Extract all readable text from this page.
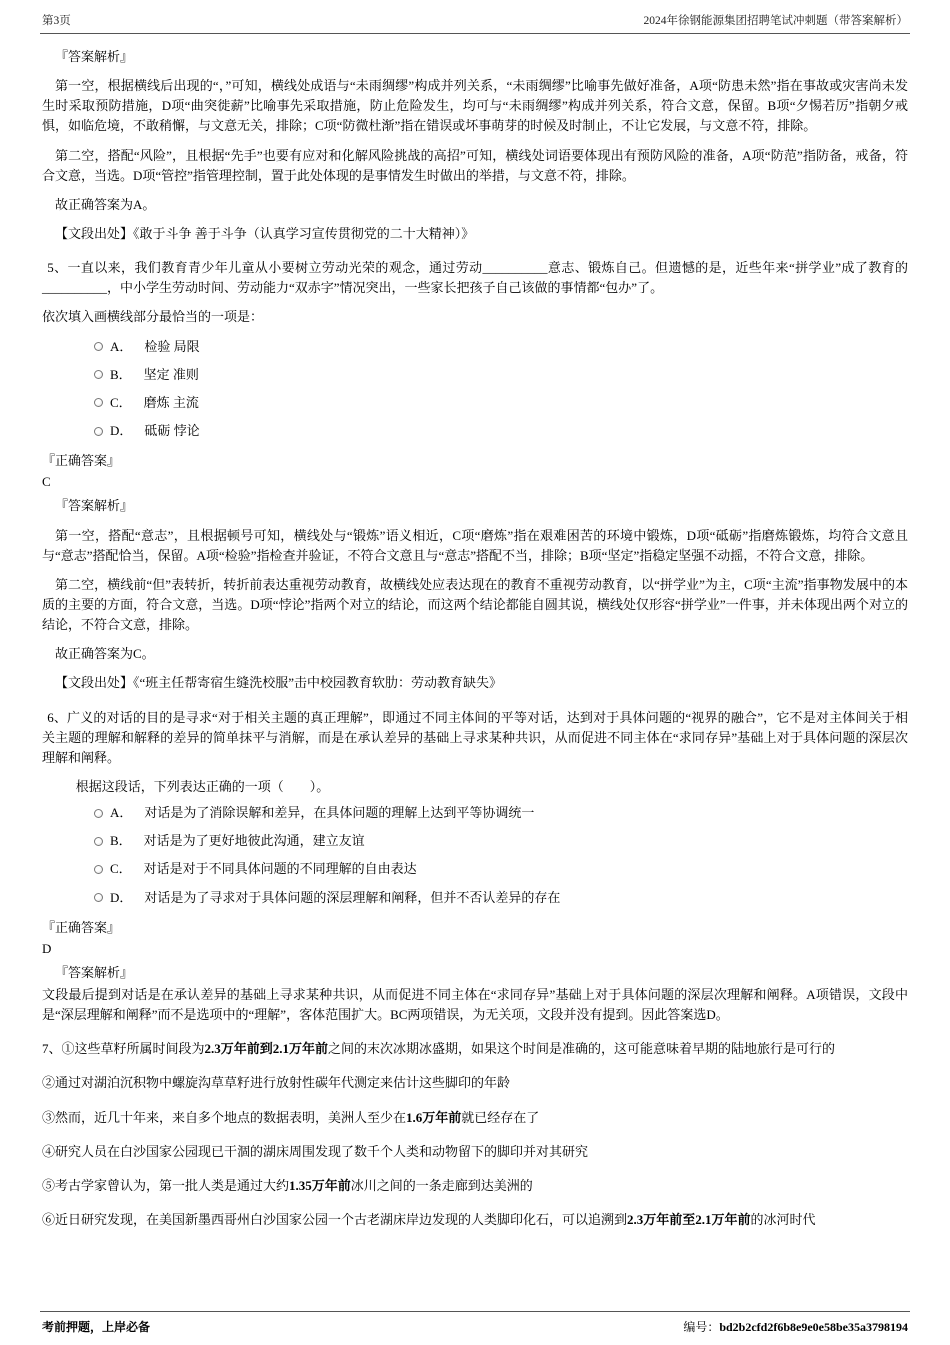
第3页	2024年徐钢能源集团招聘笔试冲刺题（带答案解析）

『答案解析』

第一空，根据横线后出现的“，”可知，横线处成语与“未雨绸缪”构成并列关系，“未雨绸缪”比喻事先做好准备，A项“防患未然”指在事故或灾害尚未发生时采取预防措施，D项“曲突徙薪”比喻事先采取措施，防止危险发生，均可与“未雨绸缪”构成并列关系，符合文意，保留。B项“夕惕若厉”指朝夕戒惧，如临危境，不敢稍懈，与文意无关，排除；C项“防微杜渐”指在错误或坏事萌芽的时候及时制止，不让它发展，与文意不符，排除。

第二空，搭配“风险”，且根据“先手”也要有应对和化解风险挑战的高招”可知，横线处词语要体现出有预防风险的准备，A项“防范”指防备，戒备，符合文意，当选。D项“管控”指管理控制，置于此处体现的是事情发生时做出的举措，与文意不符，排除。

故正确答案为A。

【文段出处】《敢于斗争 善于斗争（认真学习宣传贯彻党的二十大精神）》

5、一直以来，我们教育青少年儿童从小要树立劳动光荣的观念，通过劳动__________意志、锻炼自己。但遗憾的是，近些年来“拼学业”成了教育的__________，中小学生劳动时间、劳动能力“双赤字”情况突出，一些家长把孩子自己该做的事情都“包办”了。

依次填入画横线部分最恰当的一项是：

A． 检验 局限
B． 坚定 准则
C． 磨炼 主流
D． 砥砺 悖论

『正确答案』

C

『答案解析』

第一空，搭配“意志”，且根据顿号可知，横线处与“锻炼”语义相近，C项“磨炼”指在艰难困苦的环境中锻炼，D项“砥砺”指磨炼锻炼，均符合文意且与“意志”搭配恰当，保留。A项“检验”指检查并验证，不符合文意且与“意志”搭配不当，排除；B项“坚定”指稳定坚强不动摇，不符合文意，排除。

第二空，横线前“但”表转折，转折前表达重视劳动教育，故横线处应表达现在的教育不重视劳动教育，以“拼学业”为主，C项“主流”指事物发展中的本质的主要的方面，符合文意，当选。D项“悖论”指两个对立的结论，而这两个结论都能自圆其说，横线处仅形容“拼学业”一件事，并未体现出两个对立的结论，不符合文意，排除。

故正确答案为C。

【文段出处】《“班主任帮寄宿生缝洗校服”击中校园教育软肋：劳动教育缺失》

6、广义的对话的目的是寻求“对于相关主题的真正理解”，即通过不同主体间的平等对话，达到对于具体问题的“视界的融合”，它不是对主体间关于相关主题的理解和解释的差异的简单抹平与消解，而是在承认差异的基础上寻求某种共识，从而促进不同主体在“求同存异”基础上对于具体问题的深层次理解和阐释。

根据这段话，下列表达正确的一项（　　）。

A． 对话是为了消除误解和差异，在具体问题的理解上达到平等协调统一
B． 对话是为了更好地彼此沟通，建立友谊
C． 对话是对于不同具体问题的不同理解的自由表达
D． 对话是为了寻求对于具体问题的深层理解和阐释，但并不否认差异的存在

『正确答案』

D

『答案解析』

文段最后提到对话是在承认差异的基础上寻求某种共识，从而促进不同主体在“求同存异”基础上对于具体问题的深层次理解和阐释。A项错误，文段中是“深层理解和阐释”而不是选项中的“理解”，客体范围扩大。BC两项错误，为无关项，文段并没有提到。因此答案选D。

7、①这些草籽所属时间段为2.3万年前到2.1万年前之间的末次冰期冰盛期，如果这个时间是准确的，这可能意味着早期的陆地旅行是可行的

②通过对湖泊沉积物中螺旋沟草草籽进行放射性碳年代测定来估计这些脚印的年龄

③然而，近几十年来，来自多个地点的数据表明，美洲人至少在1.6万年前就已经存在了

④研究人员在白沙国家公园现已干涸的湖床周围发现了数千个人类和动物留下的脚印并对其研究

⑤考古学家曾认为，第一批人类是通过大约1.35万年前冰川之间的一条走廊到达美洲的

⑥近日研究发现，在美国新墨西哥州白沙国家公园一个古老湖床岸边发现的人类脚印化石，可以追溯到2.3万年前至2.1万年前的冰河时代

考前押题，上岸必备	编号：bd2b2cfd2f6b8e9e0e58be35a3798194
